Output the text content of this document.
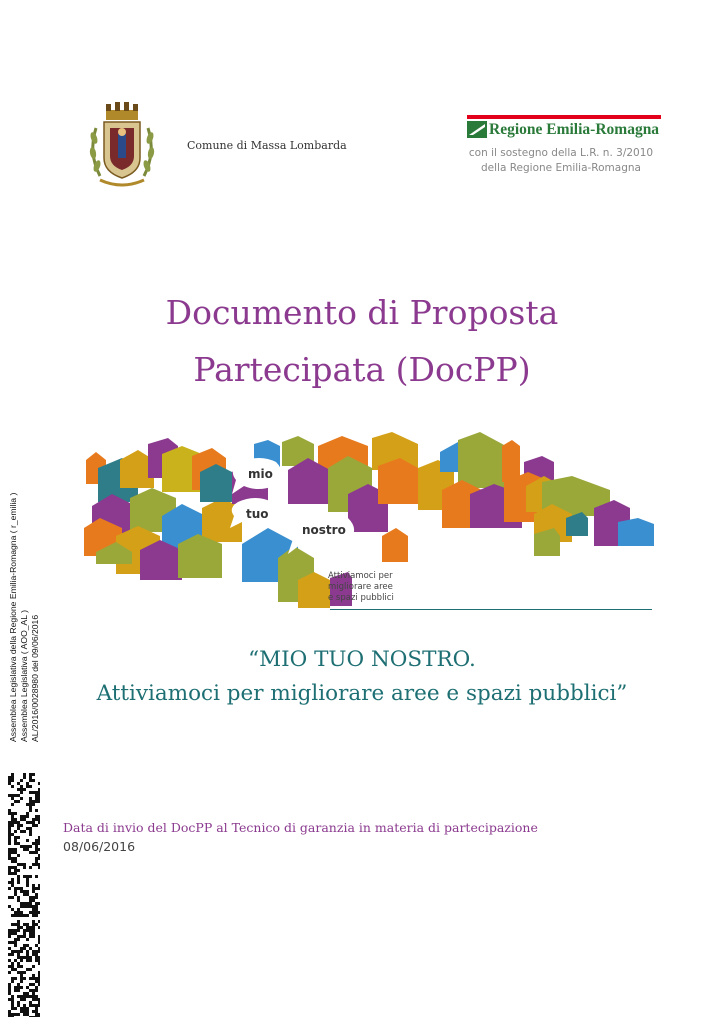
Comune di Massa Lombarda
Regione Emilia-Romagna
con il sostegno della L.R. n. 3/2010
della Regione Emilia-Romagna
Documento di Proposta
Partecipata (DocPP)
mio
tuo
nostro
Attiviamoci per
migliorare aree
e spazi pubblici
“MIO TUO NOSTRO.
Attiviamoci per migliorare aree e spazi pubblici”
Data di invio del DocPP al Tecnico di garanzia in materia di partecipazione
08/06/2016
Assemblea Legislativa della Regione Emilia-Romagna ( r_emilia ) Assemblea Legislativa ( AOO_AL ) AL/2016/0028980 del 09/06/2016
